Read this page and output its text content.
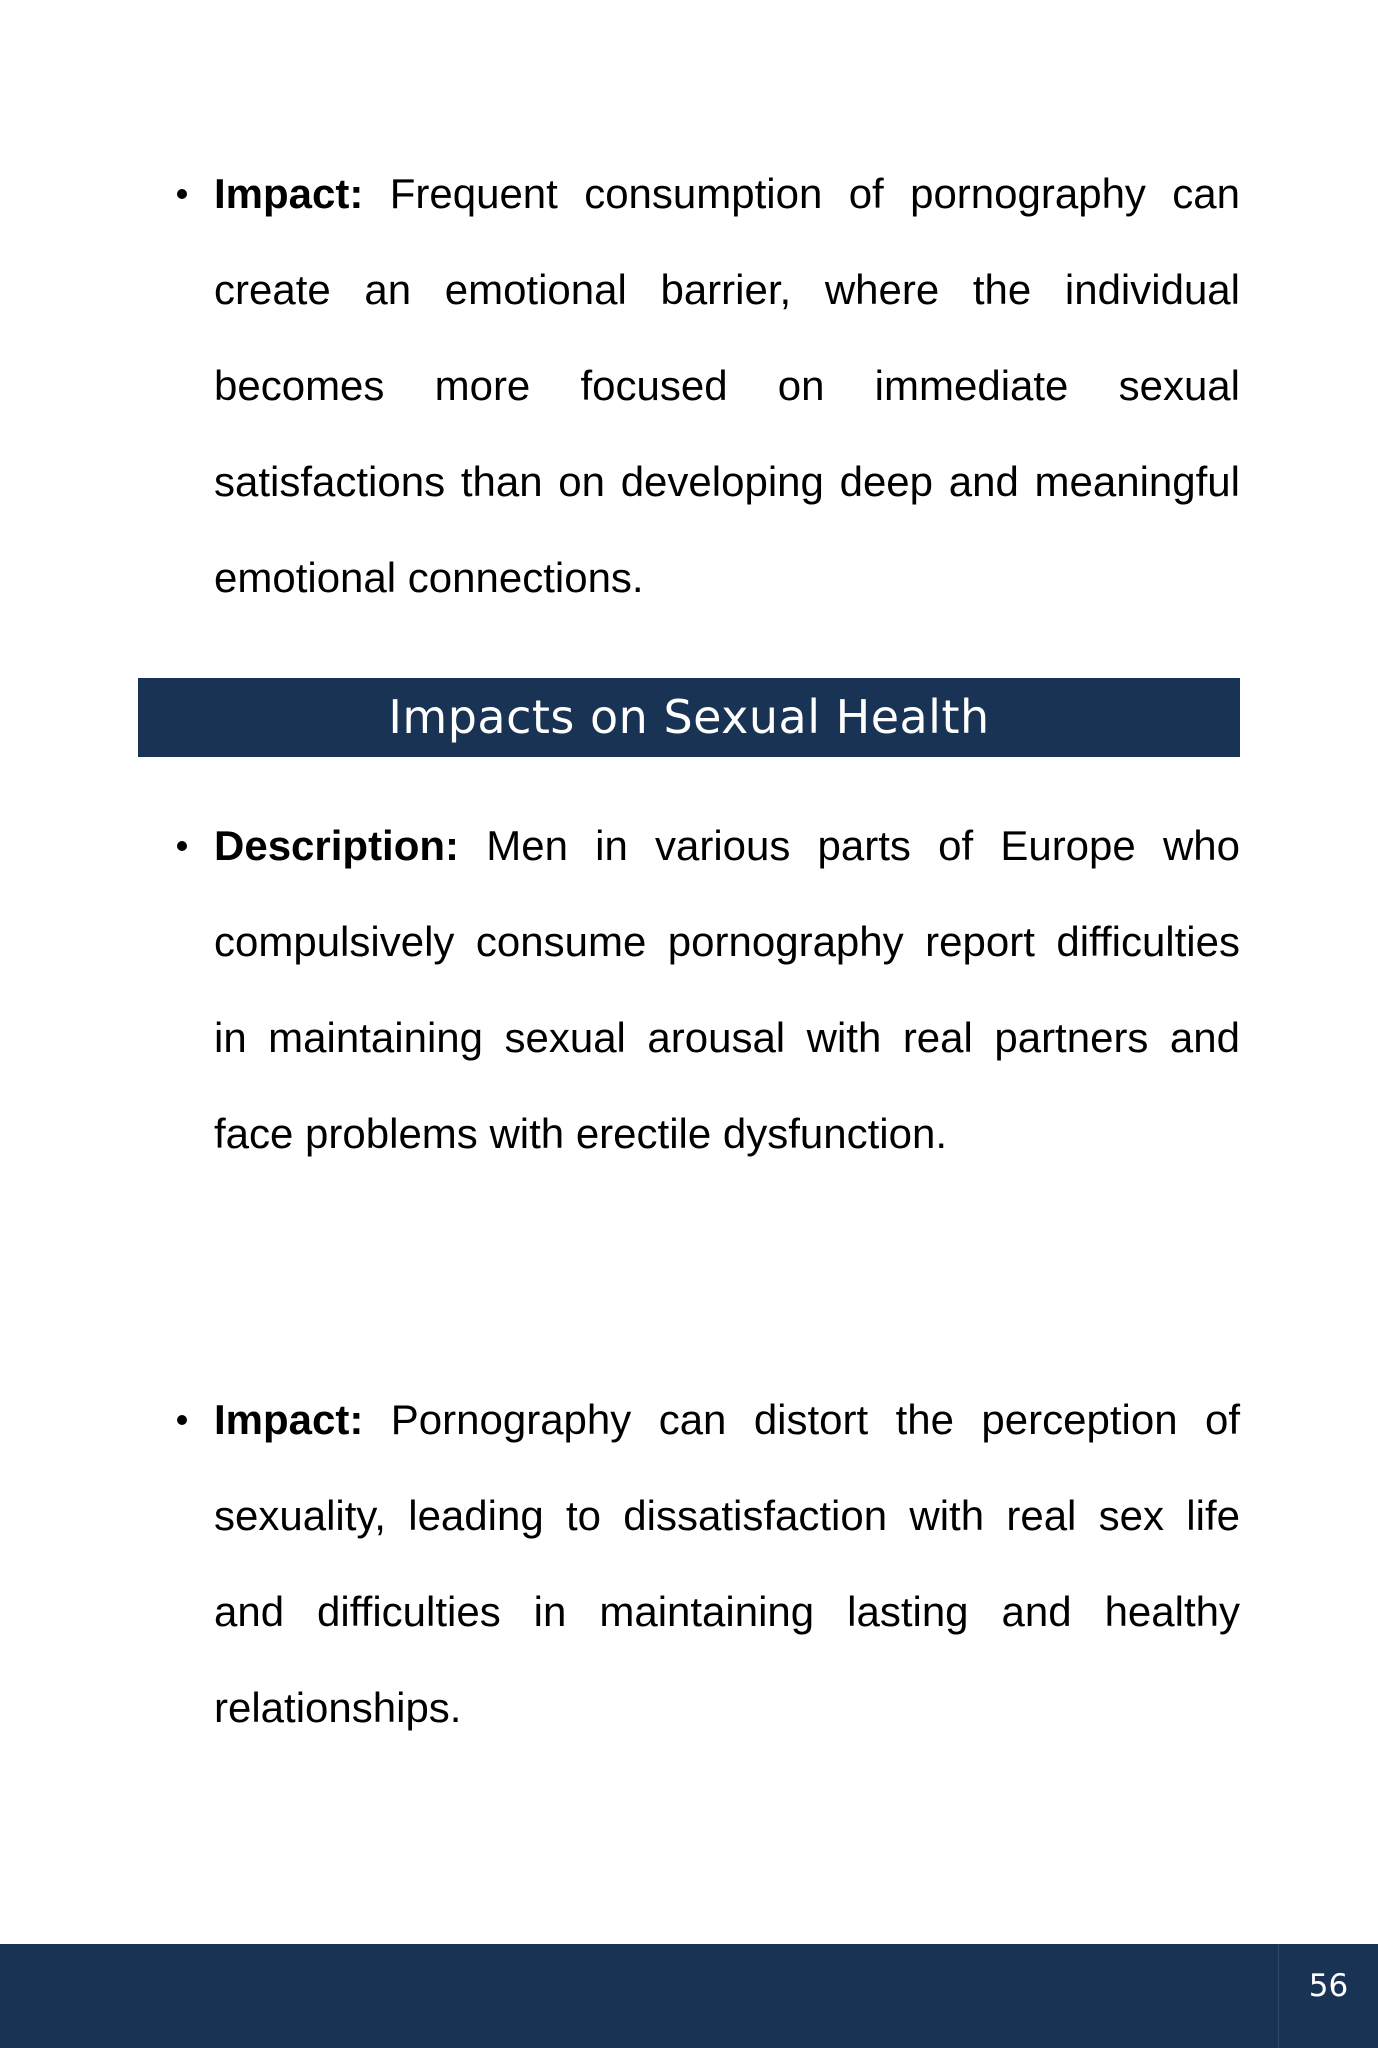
Impact: Frequent consumption of pornography can create an emotional barrier, where the individual becomes more focused on immediate sexual satisfactions than on developing deep and meaningful emotional connections.
Impacts on Sexual Health
Description: Men in various parts of Europe who compulsively consume pornography report difficulties in maintaining sexual arousal with real partners and face problems with erectile dysfunction.
Impact: Pornography can distort the perception of sexuality, leading to dissatisfaction with real sex life and difficulties in maintaining lasting and healthy relationships.
56
